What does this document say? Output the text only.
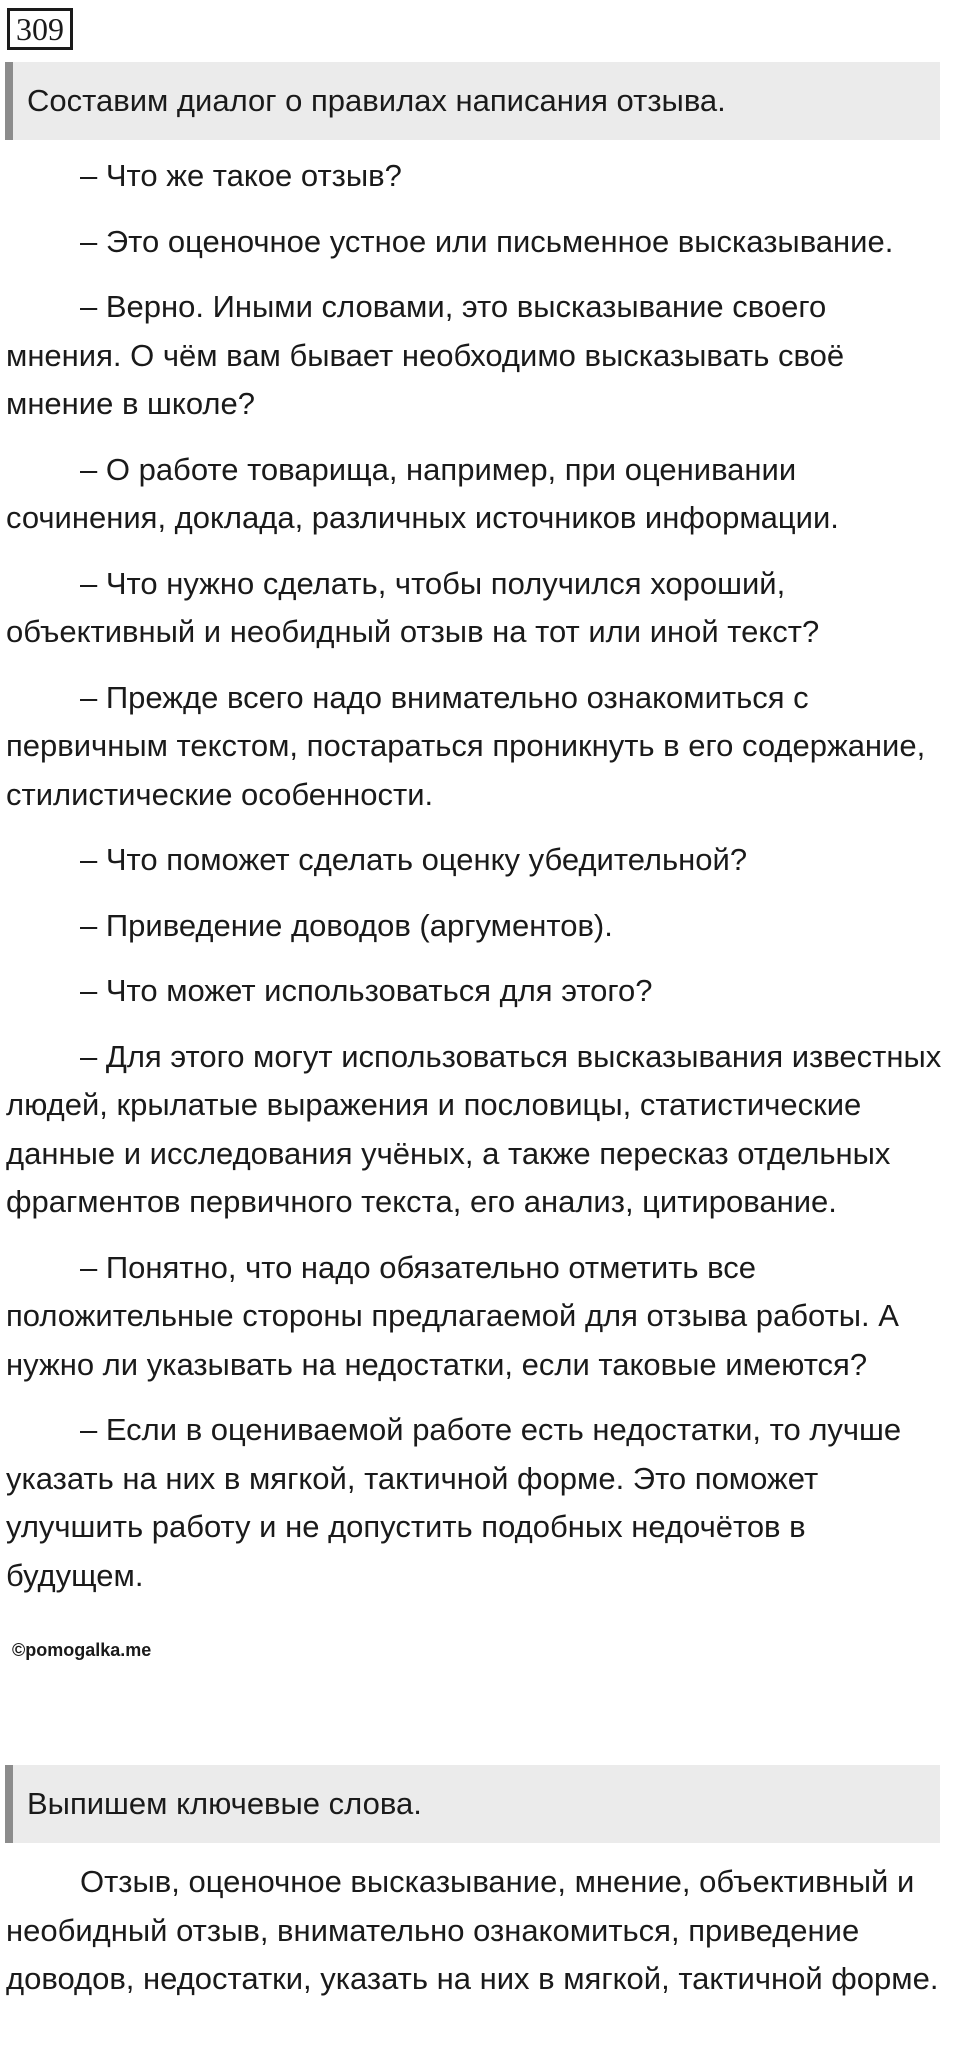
309
Составим диалог о правилах написания отзыва.

– Что же такое отзыв?

– Это оценочное устное или письменное высказывание.

– Верно. Иными словами, это высказывание своего мнения. О чём вам бывает необходимо высказывать своё мнение в школе?

– О работе товарища, например, при оценивании сочинения, доклада, различных источников информации.

– Что нужно сделать, чтобы получился хороший, объективный и необидный отзыв на тот или иной текст?

– Прежде всего надо внимательно ознакомиться с первичным текстом, постараться проникнуть в его содержание, стилистические особенности.

– Что поможет сделать оценку убедительной?

– Приведение доводов (аргументов).

– Что может использоваться для этого?

– Для этого могут использоваться высказывания известных людей, крылатые выражения и пословицы, статистические данные и исследования учёных, а также пересказ отдельных фрагментов первичного текста, его анализ, цитирование.

– Понятно, что надо обязательно отметить все положительные стороны предлагаемой для отзыва работы. А нужно ли указывать на недостатки, если таковые имеются?

– Если в оцениваемой работе есть недостатки, то лучше указать на них в мягкой, тактичной форме. Это поможет улучшить работу и не допустить подобных недочётов в будущем.

©pomogalka.me
Выпишем ключевые слова.

Отзыв, оценочное высказывание, мнение, объективный и необидный отзыв, внимательно ознакомиться, приведение доводов, недостатки, указать на них в мягкой, тактичной форме.
